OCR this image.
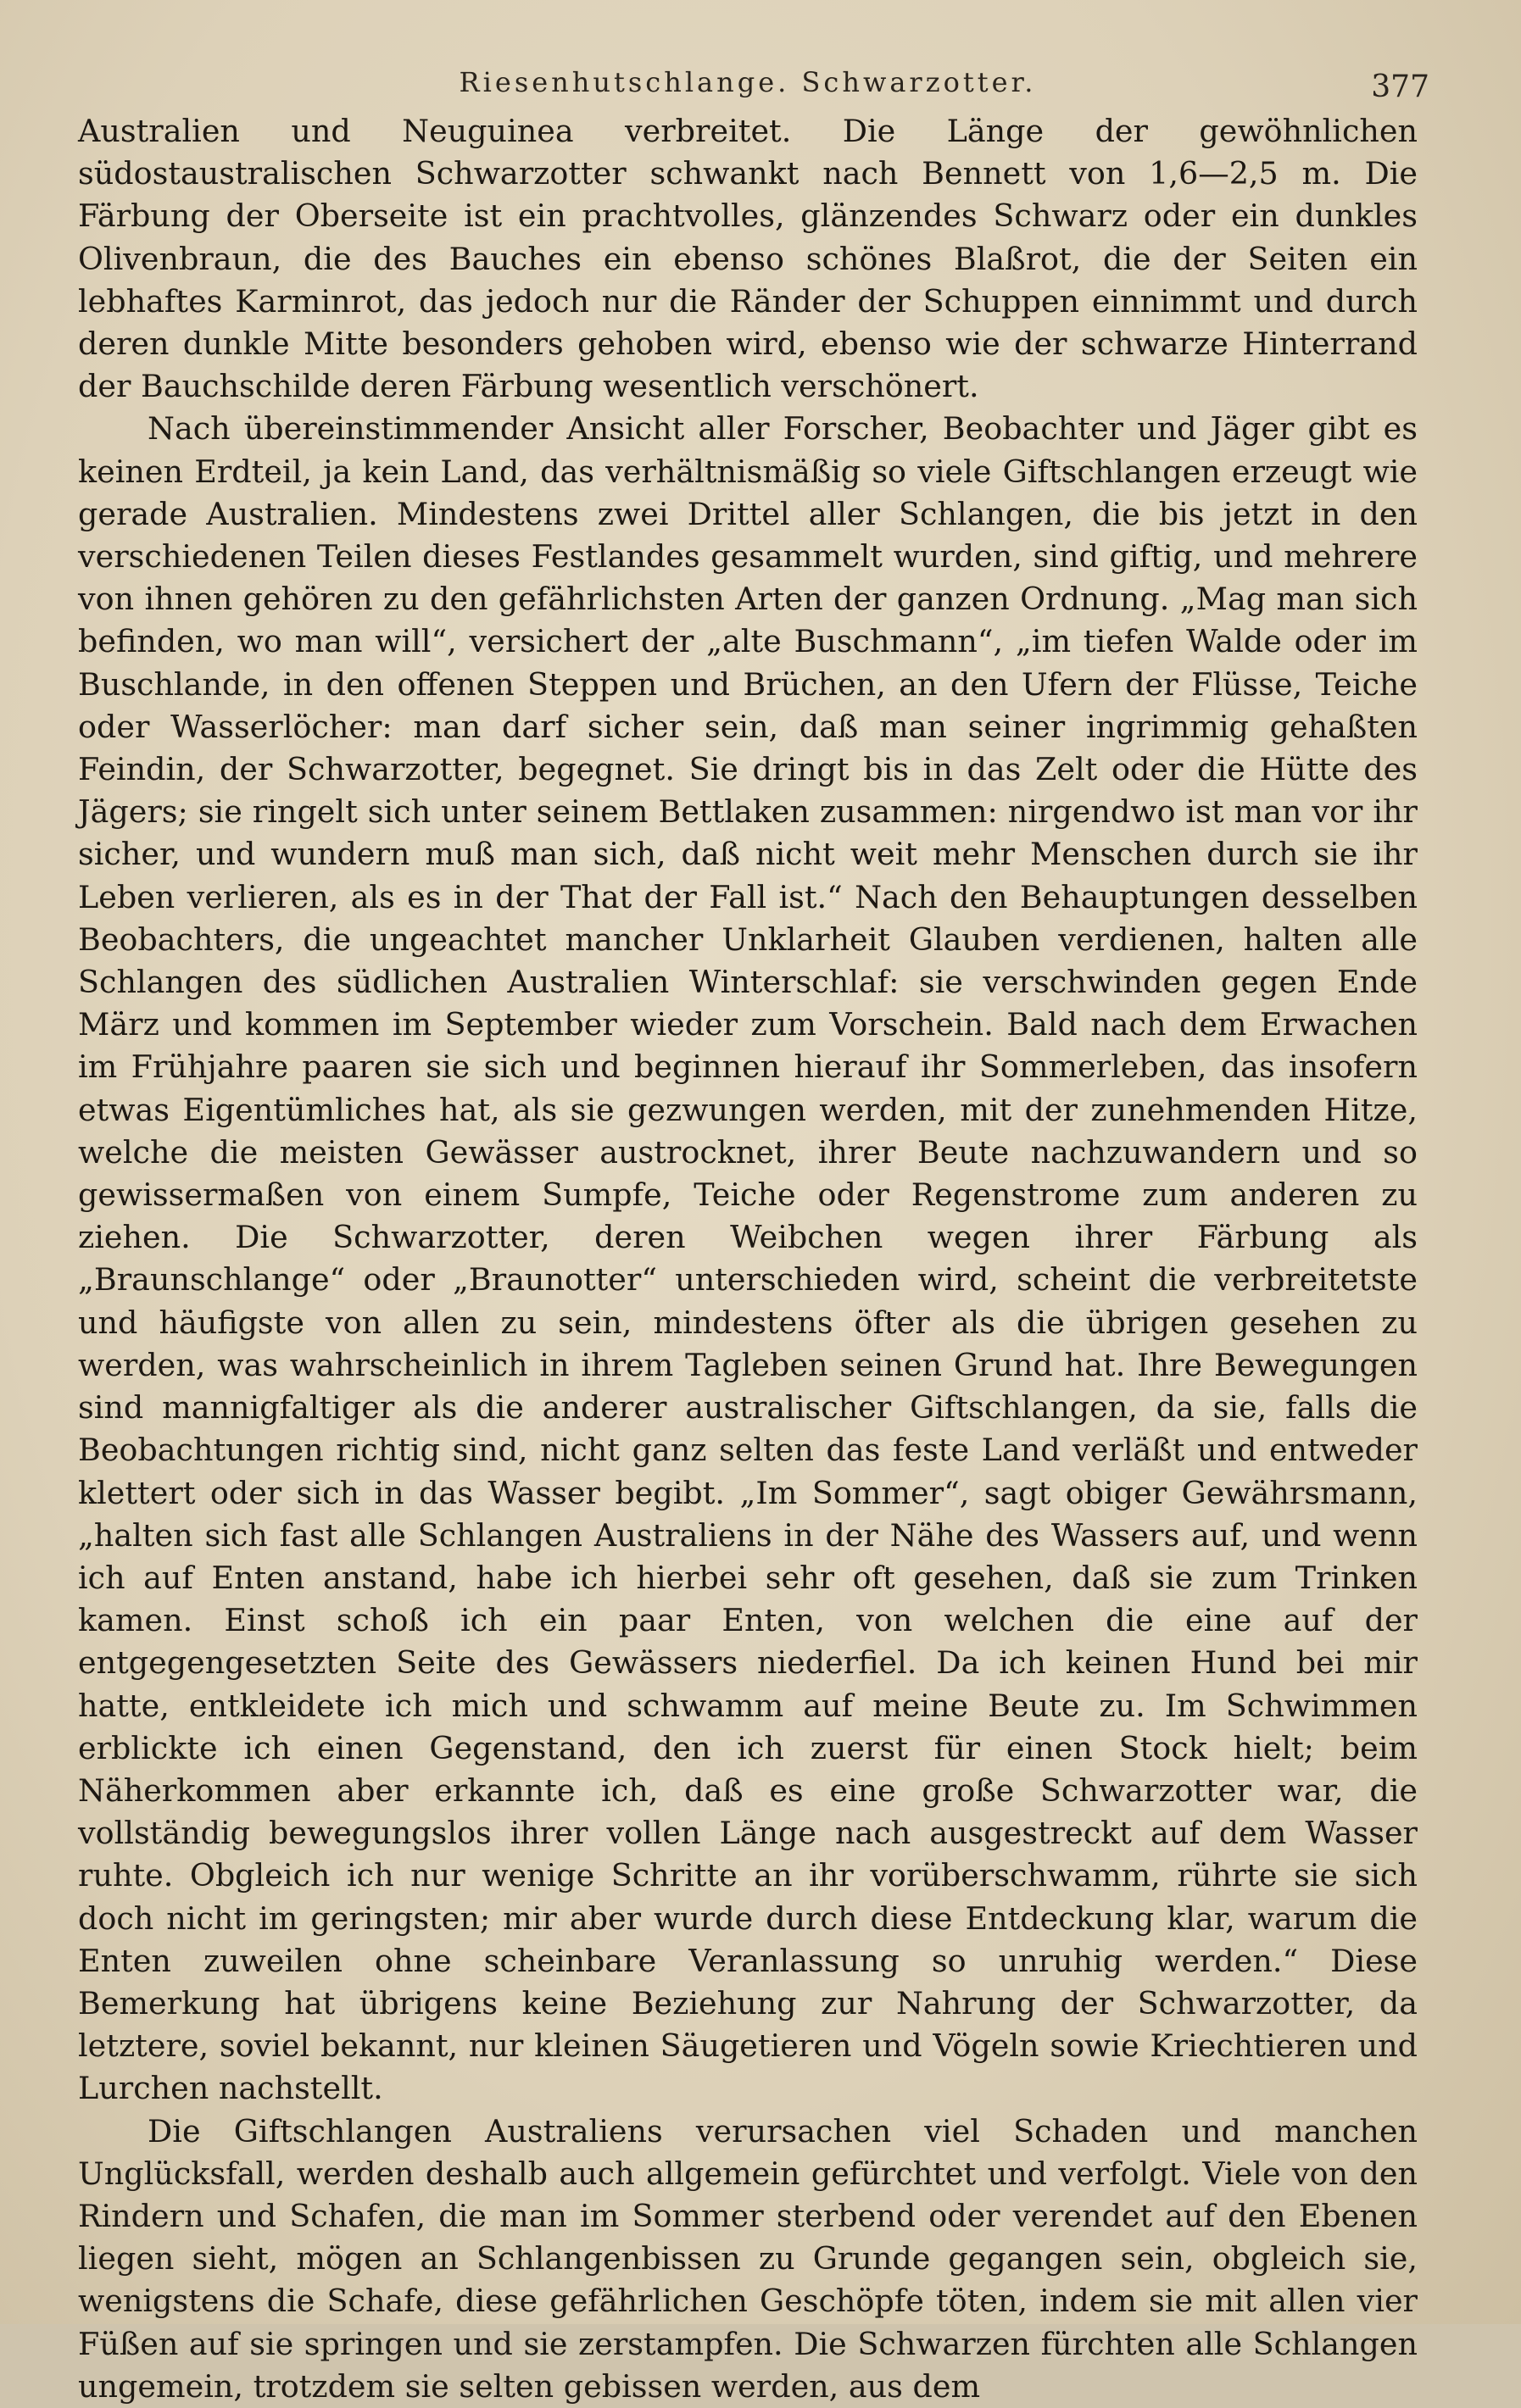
Riesenhutschlange. Schwarzotter.	377

Australien und Neuguinea verbreitet. Die Länge der gewöhnlichen südostaustralischen Schwarzotter schwankt nach Bennett von 1,6—2,5 m. Die Färbung der Oberseite ist ein prachtvolles, glänzendes Schwarz oder ein dunkles Olivenbraun, die des Bauches ein ebenso schönes Blaßrot, die der Seiten ein lebhaftes Karminrot, das jedoch nur die Ränder der Schuppen einnimmt und durch deren dunkle Mitte besonders gehoben wird, ebenso wie der schwarze Hinterrand der Bauchschilde deren Färbung wesentlich verschönert.

Nach übereinstimmender Ansicht aller Forscher, Beobachter und Jäger gibt es keinen Erdteil, ja kein Land, das verhältnismäßig so viele Giftschlangen erzeugt wie gerade Australien. Mindestens zwei Drittel aller Schlangen, die bis jetzt in den verschiedenen Teilen dieses Festlandes gesammelt wurden, sind giftig, und mehrere von ihnen gehören zu den gefährlichsten Arten der ganzen Ordnung. „Mag man sich befinden, wo man will“, versichert der „alte Buschmann“, „im tiefen Walde oder im Buschlande, in den offenen Steppen und Brüchen, an den Ufern der Flüsse, Teiche oder Wasserlöcher: man darf sicher sein, daß man seiner ingrimmig gehaßten Feindin, der Schwarzotter, begegnet. Sie dringt bis in das Zelt oder die Hütte des Jägers; sie ringelt sich unter seinem Bettlaken zusammen: nirgendwo ist man vor ihr sicher, und wundern muß man sich, daß nicht weit mehr Menschen durch sie ihr Leben verlieren, als es in der That der Fall ist.“ Nach den Behauptungen desselben Beobachters, die ungeachtet mancher Unklarheit Glauben verdienen, halten alle Schlangen des südlichen Australien Winterschlaf: sie verschwinden gegen Ende März und kommen im September wieder zum Vorschein. Bald nach dem Erwachen im Frühjahre paaren sie sich und beginnen hierauf ihr Sommerleben, das insofern etwas Eigentümliches hat, als sie gezwungen werden, mit der zunehmenden Hitze, welche die meisten Gewässer austrocknet, ihrer Beute nachzuwandern und so gewissermaßen von einem Sumpfe, Teiche oder Regenstrome zum anderen zu ziehen. Die Schwarzotter, deren Weibchen wegen ihrer Färbung als „Braunschlange“ oder „Braunotter“ unterschieden wird, scheint die verbreitetste und häufigste von allen zu sein, mindestens öfter als die übrigen gesehen zu werden, was wahrscheinlich in ihrem Tagleben seinen Grund hat. Ihre Bewegungen sind mannigfaltiger als die anderer australischer Giftschlangen, da sie, falls die Beobachtungen richtig sind, nicht ganz selten das feste Land verläßt und entweder klettert oder sich in das Wasser begibt. „Im Sommer“, sagt obiger Gewährsmann, „halten sich fast alle Schlangen Australiens in der Nähe des Wassers auf, und wenn ich auf Enten anstand, habe ich hierbei sehr oft gesehen, daß sie zum Trinken kamen. Einst schoß ich ein paar Enten, von welchen die eine auf der entgegengesetzten Seite des Gewässers niederfiel. Da ich keinen Hund bei mir hatte, entkleidete ich mich und schwamm auf meine Beute zu. Im Schwimmen erblickte ich einen Gegenstand, den ich zuerst für einen Stock hielt; beim Näherkommen aber erkannte ich, daß es eine große Schwarzotter war, die vollständig bewegungslos ihrer vollen Länge nach ausgestreckt auf dem Wasser ruhte. Obgleich ich nur wenige Schritte an ihr vorüberschwamm, rührte sie sich doch nicht im geringsten; mir aber wurde durch diese Entdeckung klar, warum die Enten zuweilen ohne scheinbare Veranlassung so unruhig werden.“ Diese Bemerkung hat übrigens keine Beziehung zur Nahrung der Schwarzotter, da letztere, soviel bekannt, nur kleinen Säugetieren und Vögeln sowie Kriechtieren und Lurchen nachstellt.

Die Giftschlangen Australiens verursachen viel Schaden und manchen Unglücksfall, werden deshalb auch allgemein gefürchtet und verfolgt. Viele von den Rindern und Schafen, die man im Sommer sterbend oder verendet auf den Ebenen liegen sieht, mögen an Schlangenbissen zu Grunde gegangen sein, obgleich sie, wenigstens die Schafe, diese gefährlichen Geschöpfe töten, indem sie mit allen vier Füßen auf sie springen und sie zerstampfen. Die Schwarzen fürchten alle Schlangen ungemein, trotzdem sie selten gebissen werden, aus dem
